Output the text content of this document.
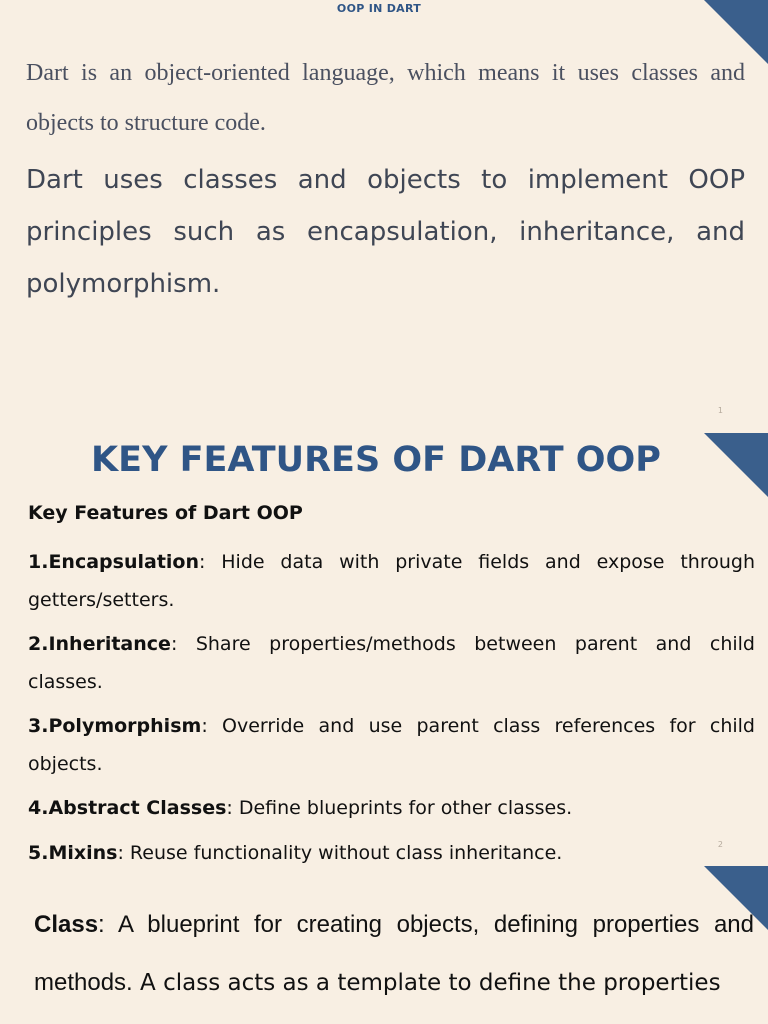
OOP IN DART

Dart is an object-oriented language, which means it uses classes and objects to structure code.

Dart uses classes and objects to implement OOP principles such as encapsulation, inheritance, and polymorphism.

1
KEY FEATURES OF DART OOP
Key Features of Dart OOP
1.Encapsulation: Hide data with private fields and expose through getters/setters.
2.Inheritance: Share properties/methods between parent and child classes.
3.Polymorphism: Override and use parent class references for child objects.
4.Abstract Classes: Define blueprints for other classes.
5.Mixins: Reuse functionality without class inheritance.	2

Class: A blueprint for creating objects, defining properties and methods. A class acts as a template to define the properties
